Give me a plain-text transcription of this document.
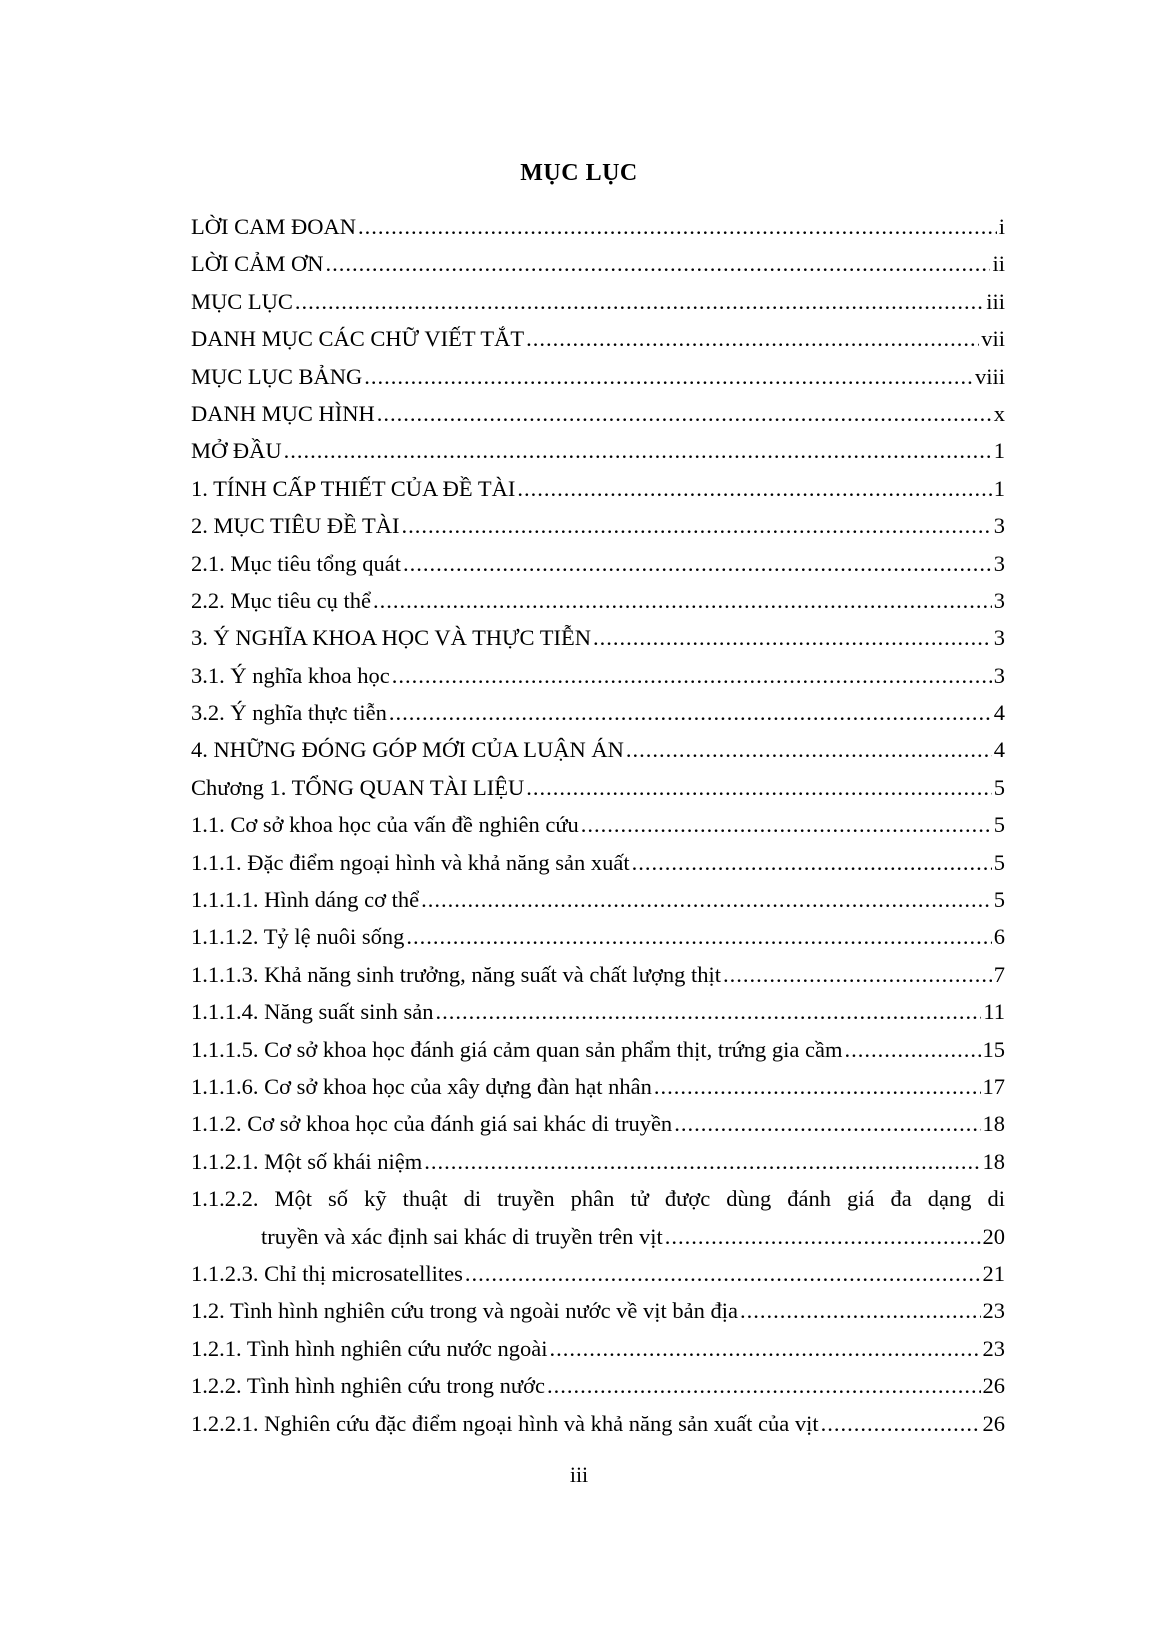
MỤC LỤC
LỜI CAM ĐOAN .....	i
LỜI CẢM ƠN .....	ii
MỤC LỤC .....	iii
DANH MỤC CÁC CHỮ VIẾT TẮT .....	vii
MỤC LỤC BẢNG .....	viii
DANH MỤC HÌNH .....	x
MỞ ĐẦU .....	1
1. TÍNH CẤP THIẾT CỦA ĐỀ TÀI .....	1
2. MỤC TIÊU ĐỀ TÀI .....	3
2.1. Mục tiêu tổng quát .....	3
2.2. Mục tiêu cụ thể .....	3
3. Ý NGHĨA KHOA HỌC VÀ THỰC TIỄN .....	3
3.1. Ý nghĩa khoa học .....	3
3.2. Ý nghĩa thực tiễn .....	4
4. NHỮNG ĐÓNG GÓP MỚI CỦA LUẬN ÁN .....	4
Chương 1. TỔNG QUAN TÀI LIỆU .....	5
1.1. Cơ sở khoa học của vấn đề nghiên cứu .....	5
1.1.1. Đặc điểm ngoại hình và khả năng sản xuất .....	5
1.1.1.1. Hình dáng cơ thể .....	5
1.1.1.2. Tỷ lệ nuôi sống .....	6
1.1.1.3. Khả năng sinh trưởng, năng suất và chất lượng thịt .....	7
1.1.1.4. Năng suất sinh sản .....	11
1.1.1.5. Cơ sở khoa học đánh giá cảm quan sản phẩm thịt, trứng gia cầm .....	15
1.1.1.6. Cơ sở khoa học của xây dựng đàn hạt nhân .....	17
1.1.2. Cơ sở khoa học của đánh giá sai khác di truyền .....	18
1.1.2.1. Một số khái niệm .....	18
1.1.2.2. Một số kỹ thuật di truyền phân tử được dùng đánh giá đa dạng di
truyền và xác định sai khác di truyền trên vịt .....	20
1.1.2.3. Chỉ thị microsatellites .....	21
1.2. Tình hình nghiên cứu trong và ngoài nước về vịt bản địa .....	23
1.2.1. Tình hình nghiên cứu nước ngoài .....	23
1.2.2. Tình hình nghiên cứu trong nước .....	26
1.2.2.1. Nghiên cứu đặc điểm ngoại hình và khả năng sản xuất của vịt .....	26
iii
